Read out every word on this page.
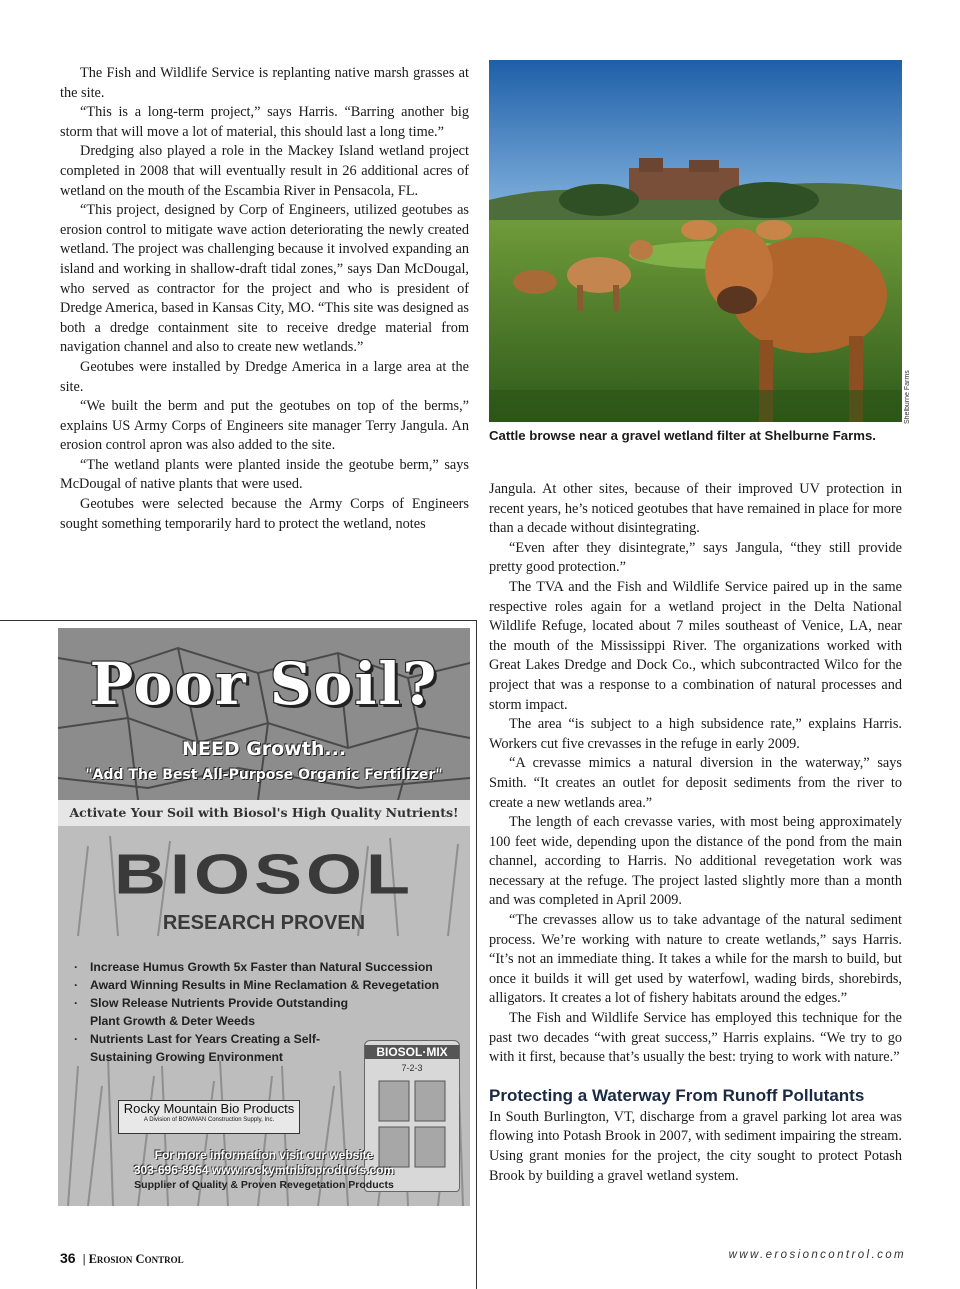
The Fish and Wildlife Service is replanting native marsh grasses at the site.

“This is a long-term project,” says Harris. “Barring another big storm that will move a lot of material, this should last a long time.”

Dredging also played a role in the Mackey Island wetland project completed in 2008 that will eventually result in 26 additional acres of wetland on the mouth of the Escambia River in Pensacola, FL.

“This project, designed by Corp of Engineers, utilized geotubes as erosion control to mitigate wave action deteriorating the newly created wetland. The project was challenging because it involved expanding an island and working in shallow-draft tidal zones,” says Dan McDougal, who served as contractor for the project and who is president of Dredge America, based in Kansas City, MO. “This site was designed as both a dredge containment site to receive dredge material from navigation channel and also to create new wetlands.”

Geotubes were installed by Dredge America in a large area at the site.

“We built the berm and put the geotubes on top of the berms,” explains US Army Corps of Engineers site manager Terry Jangula. An erosion control apron was also added to the site.

“The wetland plants were planted inside the geotube berm,” says McDougal of native plants that were used.

Geotubes were selected because the Army Corps of Engineers sought something temporarily hard to protect the wetland, notes

Shelburne Farms
Cattle browse near a gravel wetland filter at Shelburne Farms.

Jangula. At other sites, because of their improved UV protection in recent years, he’s noticed geotubes that have remained in place for more than a decade without disintegrating.

“Even after they disintegrate,” says Jangula, “they still provide pretty good protection.”

The TVA and the Fish and Wildlife Service paired up in the same respective roles again for a wetland project in the Delta National Wildlife Refuge, located about 7 miles southeast of Venice, LA, near the mouth of the Mississippi River. The organizations worked with Great Lakes Dredge and Dock Co., which subcontracted Wilco for the project that was a response to a combination of natural processes and storm impact.

The area “is subject to a high subsidence rate,” explains Harris. Workers cut five crevasses in the refuge in early 2009.

“A crevasse mimics a natural diversion in the waterway,” says Smith. “It creates an outlet for deposit sediments from the river to create a new wetlands area.”

The length of each crevasse varies, with most being approximately 100 feet wide, depending upon the distance of the pond from the main channel, according to Harris. No additional revegetation work was necessary at the refuge. The project lasted slightly more than a month and was completed in April 2009.

“The crevasses allow us to take advantage of the natural sediment process. We’re working with nature to create wetlands,” says Harris. “It’s not an immediate thing. It takes a while for the marsh to build, but once it builds it will get used by waterfowl, wading birds, shorebirds, alligators. It creates a lot of fishery habitats around the edges.”

The Fish and Wildlife Service has employed this technique for the past two decades “with great success,” Harris explains. “We try to go with it first, because that’s usually the best: trying to work with nature.”

Protecting a Waterway From Runoff Pollutants

In South Burlington, VT, discharge from a gravel parking lot area was flowing into Potash Brook in 2007, with sediment impairing the stream. Using grant monies for the project, the city sought to protect Potash Brook by building a gravel wetland system.

Poor Soil?
NEED Growth...
"Add The Best All-Purpose Organic Fertilizer"
Activate Your Soil with Biosol's High Quality Nutrients!
BIOSOL
RESEARCH PROVEN
· Increase Humus Growth 5x Faster than Natural Succession
· Award Winning Results in Mine Reclamation & Revegetation
· Slow Release Nutrients Provide Outstanding Plant Growth & Deter Weeds
· Nutrients Last for Years Creating a Self-Sustaining Growing Environment	BIOSOL·MIX
7-2-3
Rocky Mountain Bio Products
A Division of BOWMAN Construction Supply, Inc.
For more information visit our website
303-696-8964 www.rockymtnbioproducts.com
Supplier of Quality & Proven Revegetation Products
36 | Erosion Control	www.erosioncontrol.com
